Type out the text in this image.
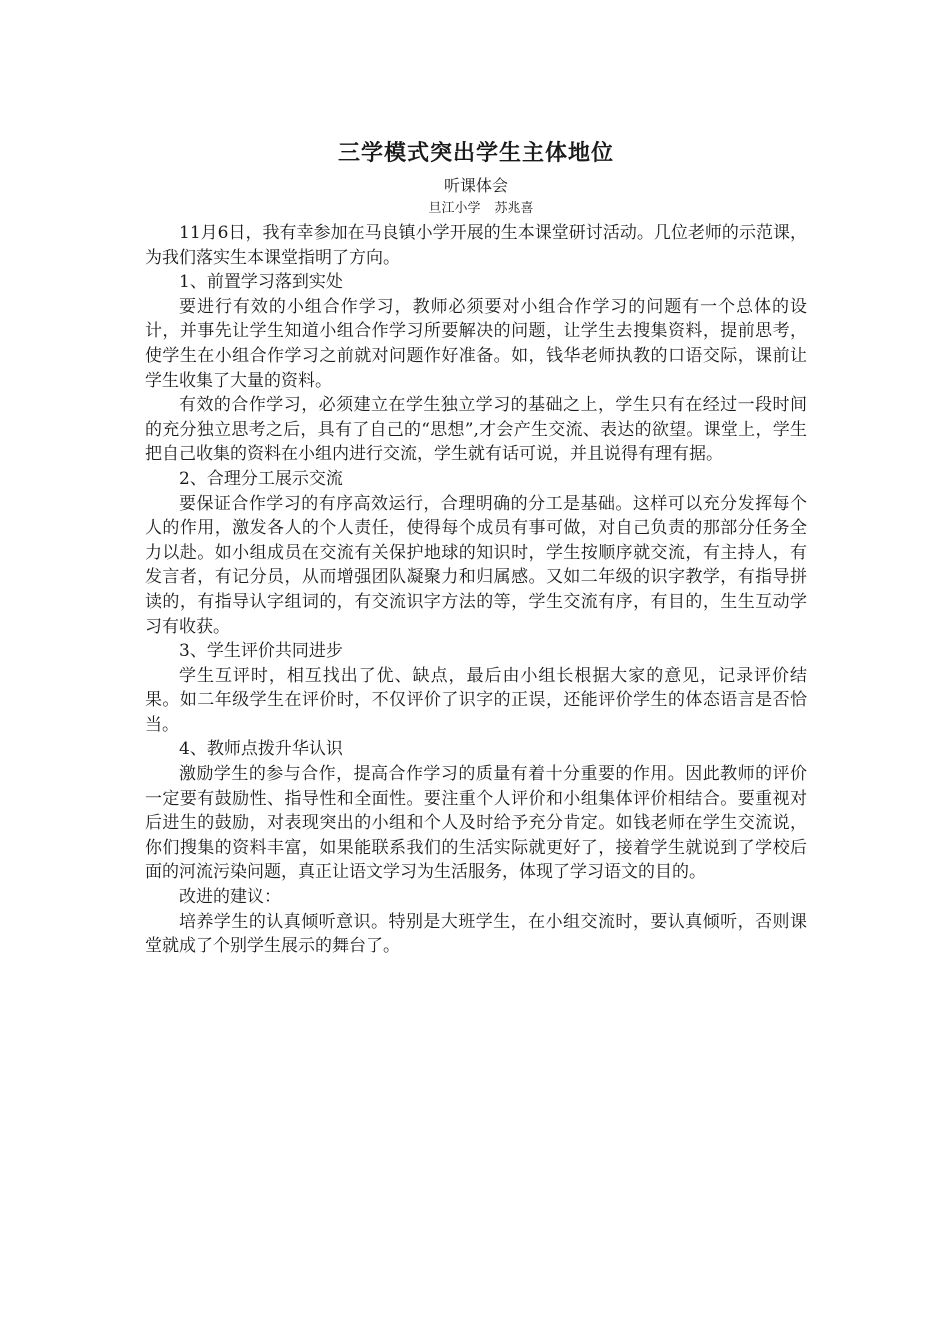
三学模式突出学生主体地位

听课体会

旦江小学 苏兆喜

11月6日，我有幸参加在马良镇小学开展的生本课堂研讨活动。几位老师的示范课，为我们落实生本课堂指明了方向。

1、前置学习落到实处

要进行有效的小组合作学习，教师必须要对小组合作学习的问题有一个总体的设计，并事先让学生知道小组合作学习所要解决的问题，让学生去搜集资料，提前思考，使学生在小组合作学习之前就对问题作好准备。如，钱华老师执教的口语交际，课前让学生收集了大量的资料。

有效的合作学习，必须建立在学生独立学习的基础之上，学生只有在经过一段时间的充分独立思考之后，具有了自己的“思想”,才会产生交流、表达的欲望。课堂上，学生把自己收集的资料在小组内进行交流，学生就有话可说，并且说得有理有据。

2、合理分工展示交流

要保证合作学习的有序高效运行，合理明确的分工是基础。这样可以充分发挥每个人的作用，激发各人的个人责任，使得每个成员有事可做，对自己负责的那部分任务全力以赴。如小组成员在交流有关保护地球的知识时，学生按顺序就交流，有主持人，有发言者，有记分员，从而增强团队凝聚力和归属感。又如二年级的识字教学，有指导拼读的，有指导认字组词的，有交流识字方法的等，学生交流有序，有目的，生生互动学习有收获。

3、学生评价共同进步

学生互评时，相互找出了优、缺点，最后由小组长根据大家的意见，记录评价结果。如二年级学生在评价时，不仅评价了识字的正误，还能评价学生的体态语言是否恰当。

4、教师点拨升华认识

激励学生的参与合作，提高合作学习的质量有着十分重要的作用。因此教师的评价一定要有鼓励性、指导性和全面性。要注重个人评价和小组集体评价相结合。要重视对后进生的鼓励，对表现突出的小组和个人及时给予充分肯定。如钱老师在学生交流说，你们搜集的资料丰富，如果能联系我们的生活实际就更好了，接着学生就说到了学校后面的河流污染问题，真正让语文学习为生活服务，体现了学习语文的目的。

改进的建议：

培养学生的认真倾听意识。特别是大班学生，在小组交流时，要认真倾听，否则课堂就成了个别学生展示的舞台了。
